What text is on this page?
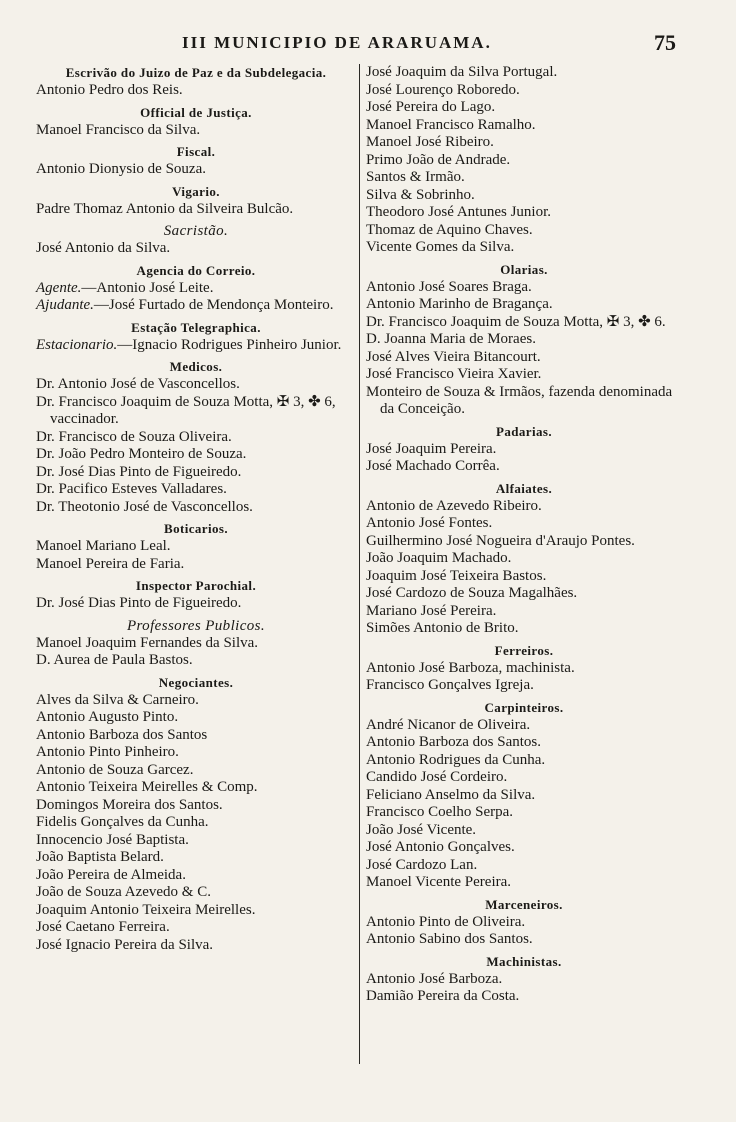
III MUNICIPIO DE ARARUAMA.	75
Escrivão do Juizo de Paz e da Subdelegacia.
Antonio Pedro dos Reis.
Official de Justiça.
Manoel Francisco da Silva.
Fiscal.
Antonio Dionysio de Souza.
Vigario.
Padre Thomaz Antonio da Silveira Bulcão.
Sacristão.
José Antonio da Silva.
Agencia do Correio.
Agente.—Antonio José Leite.
Ajudante.—José Furtado de Mendonça Monteiro.
Estação Telegraphica.
Estacionario.—Ignacio Rodrigues Pinheiro Junior.
Medicos.
Dr. Antonio José de Vasconcellos.
Dr. Francisco Joaquim de Souza Motta, ✠ 3, ✤ 6, vaccinador.
Dr. Francisco de Souza Oliveira.
Dr. João Pedro Monteiro de Souza.
Dr. José Dias Pinto de Figueiredo.
Dr. Pacifico Esteves Valladares.
Dr. Theotonio José de Vasconcellos.
Boticarios.
Manoel Mariano Leal.
Manoel Pereira de Faria.
Inspector Parochial.
Dr. José Dias Pinto de Figueiredo.
Professores Publicos.
Manoel Joaquim Fernandes da Silva.
D. Aurea de Paula Bastos.
Negociantes.
Alves da Silva & Carneiro.
Antonio Augusto Pinto.
Antonio Barboza dos Santos
Antonio Pinto Pinheiro.
Antonio de Souza Garcez.
Antonio Teixeira Meirelles & Comp.
Domingos Moreira dos Santos.
Fidelis Gonçalves da Cunha.
Innocencio José Baptista.
João Baptista Belard.
João Pereira de Almeida.
João de Souza Azevedo & C.
Joaquim Antonio Teixeira Meirelles.
José Caetano Ferreira.
José Ignacio Pereira da Silva.
José Joaquim da Silva Portugal.
José Lourenço Roboredo.
José Pereira do Lago.
Manoel Francisco Ramalho.
Manoel José Ribeiro.
Primo João de Andrade.
Santos & Irmão.
Silva & Sobrinho.
Theodoro José Antunes Junior.
Thomaz de Aquino Chaves.
Vicente Gomes da Silva.
Olarias.
Antonio José Soares Braga.
Antonio Marinho de Bragança.
Dr. Francisco Joaquim de Souza Motta, ✠ 3, ✤ 6.
D. Joanna Maria de Moraes.
José Alves Vieira Bitancourt.
José Francisco Vieira Xavier.
Monteiro de Souza & Irmãos, fazenda denominada da Conceição.
Padarias.
José Joaquim Pereira.
José Machado Corrêa.
Alfaiates.
Antonio de Azevedo Ribeiro.
Antonio José Fontes.
Guilhermino José Nogueira d'Araujo Pontes.
João Joaquim Machado.
Joaquim José Teixeira Bastos.
José Cardozo de Souza Magalhães.
Mariano José Pereira.
Simões Antonio de Brito.
Ferreiros.
Antonio José Barboza, machinista.
Francisco Gonçalves Igreja.
Carpinteiros.
André Nicanor de Oliveira.
Antonio Barboza dos Santos.
Antonio Rodrigues da Cunha.
Candido José Cordeiro.
Feliciano Anselmo da Silva.
Francisco Coelho Serpa.
João José Vicente.
José Antonio Gonçalves.
José Cardozo Lan.
Manoel Vicente Pereira.
Marceneiros.
Antonio Pinto de Oliveira.
Antonio Sabino dos Santos.
Machinistas.
Antonio José Barboza.
Damião Pereira da Costa.
